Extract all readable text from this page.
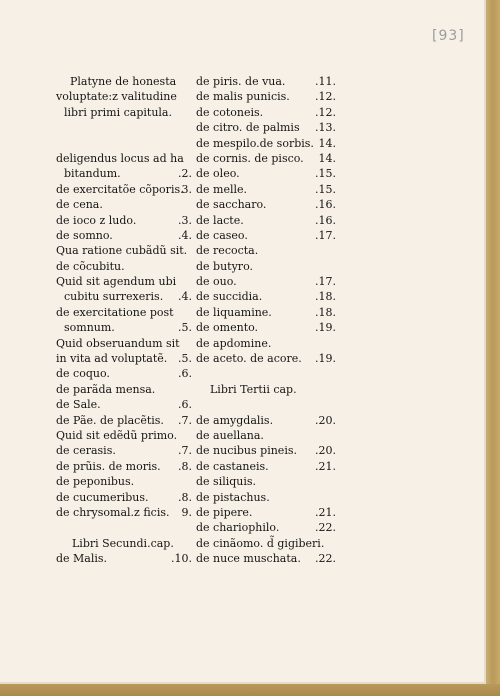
[93]
Platyne de honesta
voluptate:z valitudine
libri primi capitula.
deligendus locus ad ha
bitandum.	.2.
de exercitatõe cõporis.
3.
de cena.
de ioco z ludo.	.3.
de somno.	.4.
Qua ratione cubãdũ sit.
de cõcubitu.
Quid sit agendum ubi
cubitu surrexeris. .4.
de exercitatione post
somnum.	.5.
Quid obseruandum sit
in vita ad voluptatẽ. .5.
de coquo.	.6.
de parãda mensa.
de Sale.	.6.
de Pãe. de placẽtis. .7.
Quid sit edẽdũ primo.
de cerasis.	.7.
de prũis. de moris. .8.
de peponibus.
de cucumeribus.	.8.
de chrysomal.z ficis. 9.
Libri Secundi.cap.
de Malis.	.10.
de piris. de vua.	.11.
de malis punicis. .12.
de cotoneis.	.12.
de citro. de palmis .13.
de mespilo.de sorbis. 14.
de cornis. de pisco. 14.
de oleo.	.15.
de melle.	.15.
de saccharo.	.16.
de lacte.	.16.
de caseo.	.17.
de recocta.
de butyro.
de ouo.	.17.
de succidia.	.18.
de liquamine.	.18.
de omento.	.19.
de apdomine.
de aceto. de acore. .19.
Libri Tertii cap.
de amygdalis.	.20.
de auellana.
de nucibus pineis. .20.
de castaneis.	.21.
de siliquis.
de pistachus.
de pipere.	.21.
de chariophilo.	.22.
de cinãomo. d̃ gigiberi.
de nuce muschata. .22.
